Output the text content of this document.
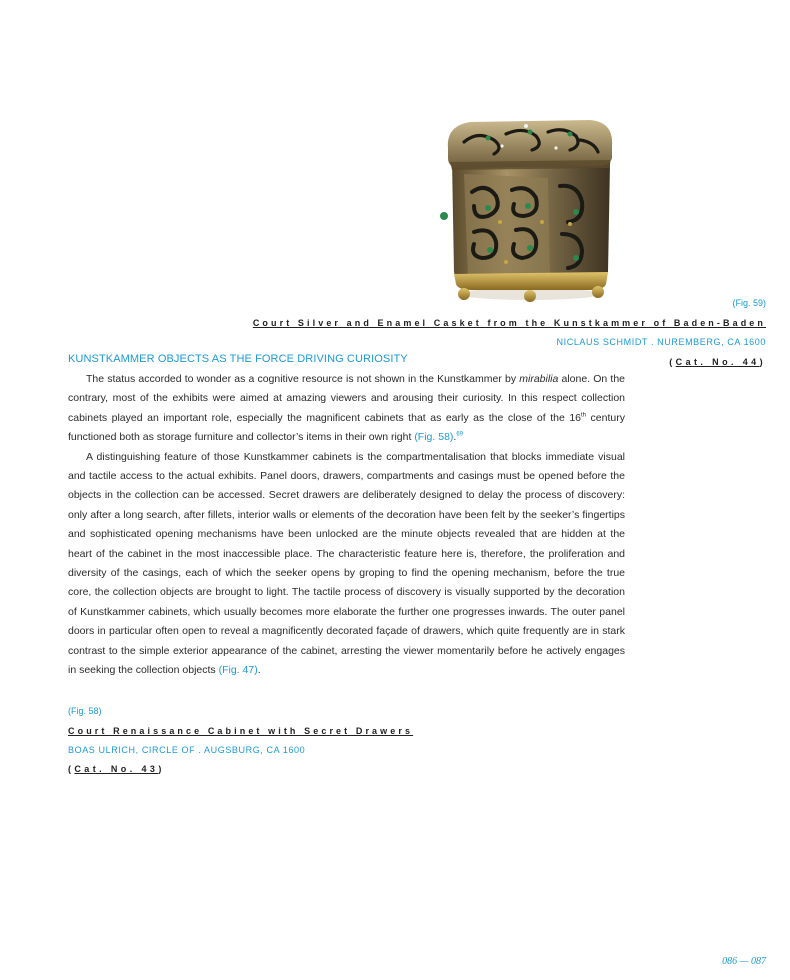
(Fig. 59)
Court Silver and Enamel Casket from the Kunstkammer of Baden-Baden
NICLAUS SCHMIDT . NUREMBERG, CA 1600
(Cat. No. 44)
KUNSTKAMMER OBJECTS AS THE FORCE DRIVING CURIOSITY

The status accorded to wonder as a cognitive resource is not shown in the Kunstkammer by mirabilia alone. On the contrary, most of the exhibits were aimed at amazing viewers and arousing their curiosity. In this respect collection cabinets played an important role, especially the magnificent cabinets that as early as the close of the 16th century functioned both as storage furniture and collector’s items in their own right (Fig. 58).$^{69}$

A distinguishing feature of those Kunstkammer cabinets is the compartmentalisation that blocks immediate visual and tactile access to the actual exhibits. Panel doors, drawers, compartments and casings must be opened before the objects in the collection can be accessed. Secret drawers are deliberately designed to delay the process of discovery: only after a long search, after fillets, interior walls or elements of the decoration have been felt by the seeker’s fingertips and sophisticated opening mechanisms have been unlocked are the minute objects revealed that are hidden at the heart of the cabinet in the most inaccessible place. The characteristic feature here is, therefore, the proliferation and diversity of the casings, each of which the seeker opens by groping to find the opening mechanism, before the true core, the collection objects are brought to light. The tactile process of discovery is visually supported by the decoration of Kunstkammer cabinets, which usually becomes more elaborate the further one progresses inwards. The outer panel doors in particular often open to reveal a magnificently decorated façade of drawers, which quite frequently are in stark contrast to the simple exterior appearance of the cabinet, arresting the viewer momentarily before he actively engages in seeking the collection objects (Fig. 47).

(Fig. 58)
Court Renaissance Cabinet with Secret Drawers
BOAS ULRICH, CIRCLE OF . AUGSBURG, CA 1600
(Cat. No. 43)
086 — 087
